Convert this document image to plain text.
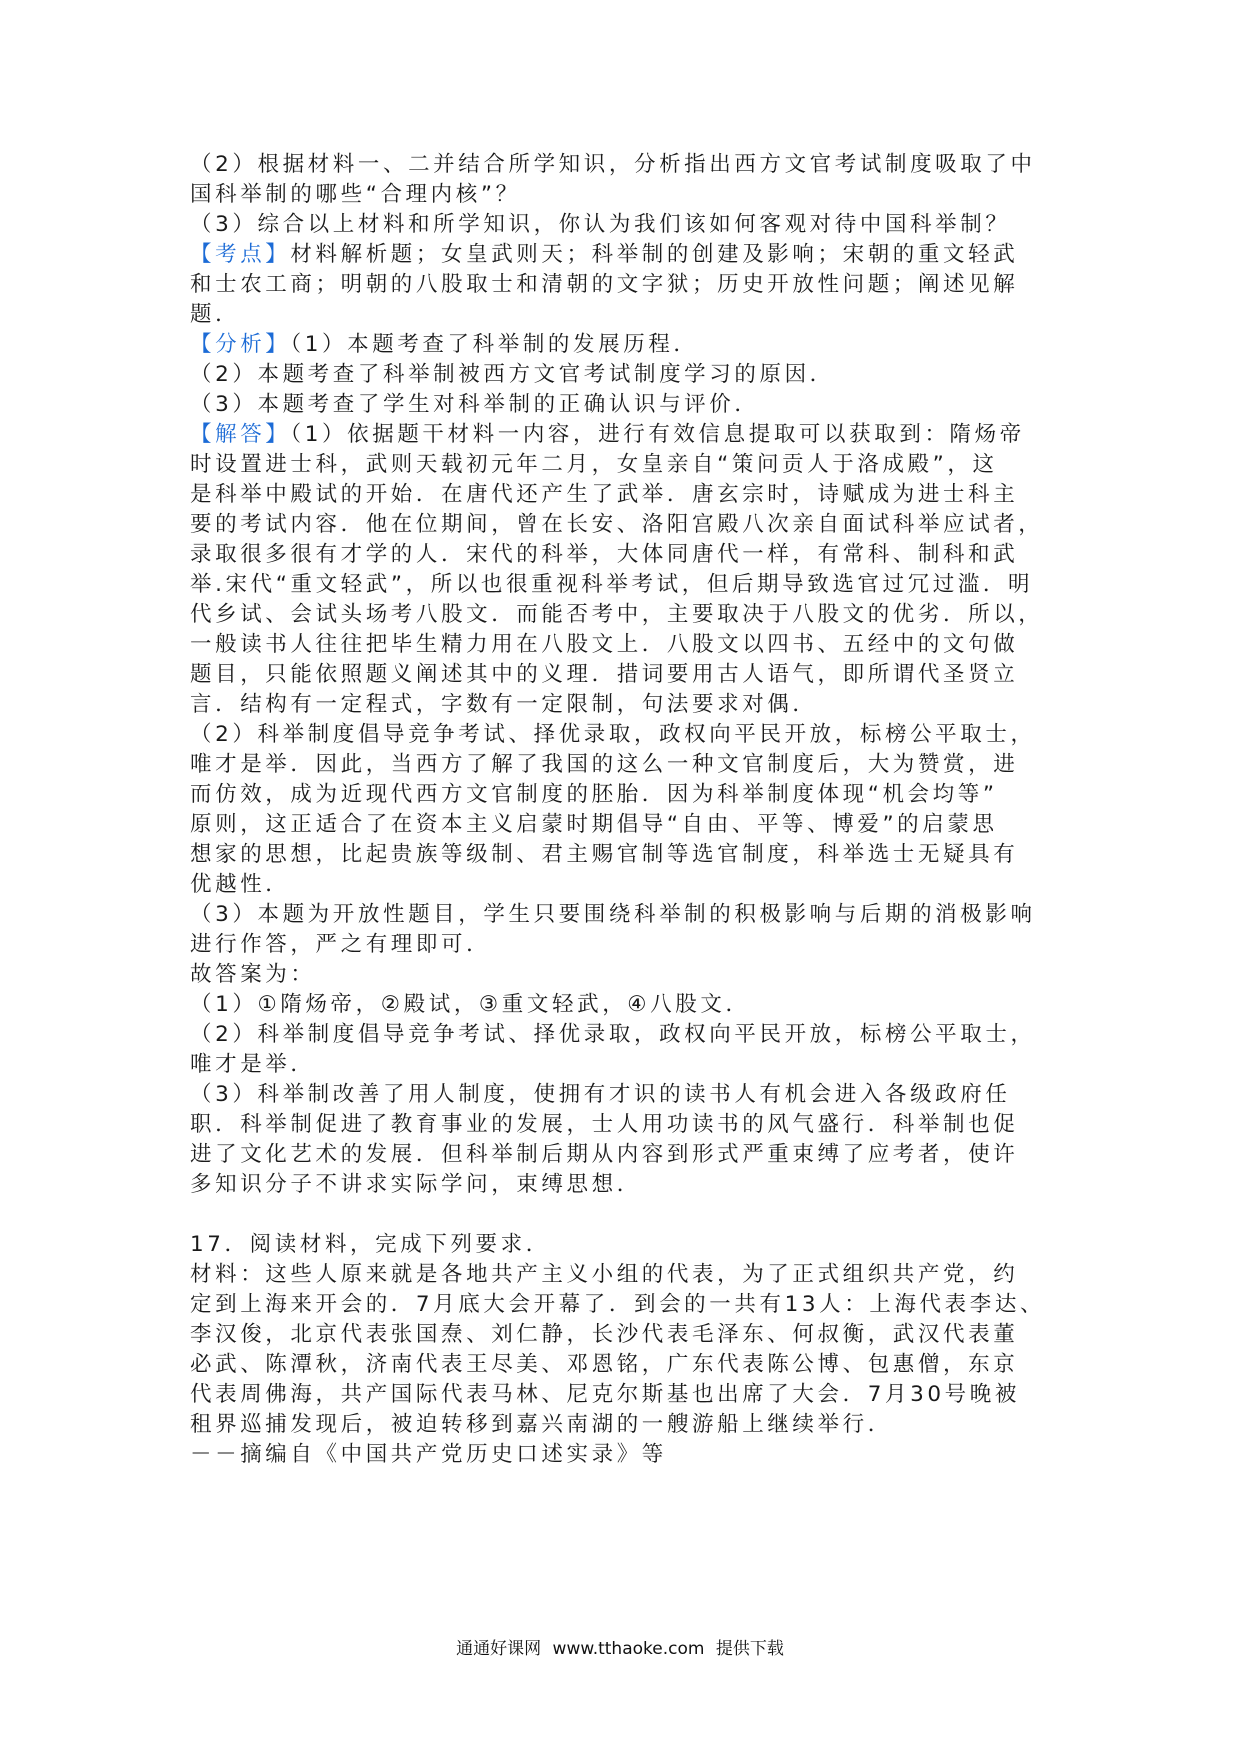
（2）根据材料一、二并结合所学知识，分析指出西方文官考试制度吸取了中
国科举制的哪些“合理内核”？
（3）综合以上材料和所学知识，你认为我们该如何客观对待中国科举制？
【考点】材料解析题；女皇武则天；科举制的创建及影响；宋朝的重文轻武
和士农工商；明朝的八股取士和清朝的文字狱；历史开放性问题；阐述见解
题．
【分析】（1）本题考查了科举制的发展历程．
（2）本题考查了科举制被西方文官考试制度学习的原因．
（3）本题考查了学生对科举制的正确认识与评价．
【解答】（1）依据题干材料一内容，进行有效信息提取可以获取到：隋炀帝
时设置进士科，武则天载初元年二月，女皇亲自“策问贡人于洛成殿”，这
是科举中殿试的开始．在唐代还产生了武举．唐玄宗时，诗赋成为进士科主
要的考试内容．他在位期间，曾在长安、洛阳宫殿八次亲自面试科举应试者，
录取很多很有才学的人．宋代的科举，大体同唐代一样，有常科、制科和武
举.宋代“重文轻武”，所以也很重视科举考试，但后期导致选官过冗过滥．明
代乡试、会试头场考八股文．而能否考中，主要取决于八股文的优劣．所以，
一般读书人往往把毕生精力用在八股文上．八股文以四书、五经中的文句做
题目，只能依照题义阐述其中的义理．措词要用古人语气，即所谓代圣贤立
言．结构有一定程式，字数有一定限制，句法要求对偶．
（2）科举制度倡导竞争考试、择优录取，政权向平民开放，标榜公平取士，
唯才是举．因此，当西方了解了我国的这么一种文官制度后，大为赞赏，进
而仿效，成为近现代西方文官制度的胚胎．因为科举制度体现“机会均等”
原则，这正适合了在资本主义启蒙时期倡导“自由、平等、博爱”的启蒙思
想家的思想，比起贵族等级制、君主赐官制等选官制度，科举选士无疑具有
优越性．
（3）本题为开放性题目，学生只要围绕科举制的积极影响与后期的消极影响
进行作答，严之有理即可．
故答案为：
（1）①隋炀帝，②殿试，③重文轻武，④八股文．
（2）科举制度倡导竞争考试、择优录取，政权向平民开放，标榜公平取士，
唯才是举．
（3）科举制改善了用人制度，使拥有才识的读书人有机会进入各级政府任
职．科举制促进了教育事业的发展，士人用功读书的风气盛行．科举制也促
进了文化艺术的发展．但科举制后期从内容到形式严重束缚了应考者，使许
多知识分子不讲求实际学问，束缚思想．
17．阅读材料，完成下列要求．
材料：这些人原来就是各地共产主义小组的代表，为了正式组织共产党，约
定到上海来开会的．7月底大会开幕了．到会的一共有13人：上海代表李达、
李汉俊，北京代表张国焘、刘仁静，长沙代表毛泽东、何叔衡，武汉代表董
必武、陈潭秋，济南代表王尽美、邓恩铭，广东代表陈公博、包惠僧，东京
代表周佛海，共产国际代表马林、尼克尔斯基也出席了大会．7月30号晚被
租界巡捕发现后，被迫转移到嘉兴南湖的一艘游船上继续举行．
－－摘编自《中国共产党历史口述实录》等
通通好课网 www.tthaoke.com 提供下载
